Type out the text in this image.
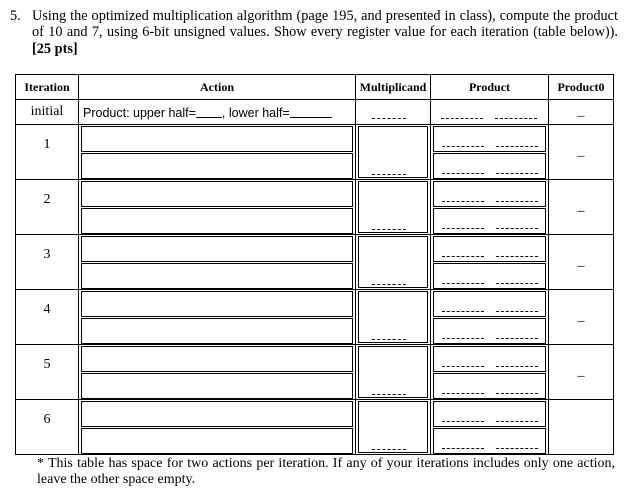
5. Using the optimized multiplication algorithm (page 195, and presented in class), compute the product of 10 and 7, using 6-bit unsigned values. Show every register value for each iteration (table below)). [25 pts]
Iteration	Action	Multiplicand	Product	Product0
initial	Product: upper half= , lower half=			_
1				_
2				_
3				_
4				_
5				_
6	

* This table has space for two actions per iteration. If any of your iterations includes only one action, leave the other space empty.
